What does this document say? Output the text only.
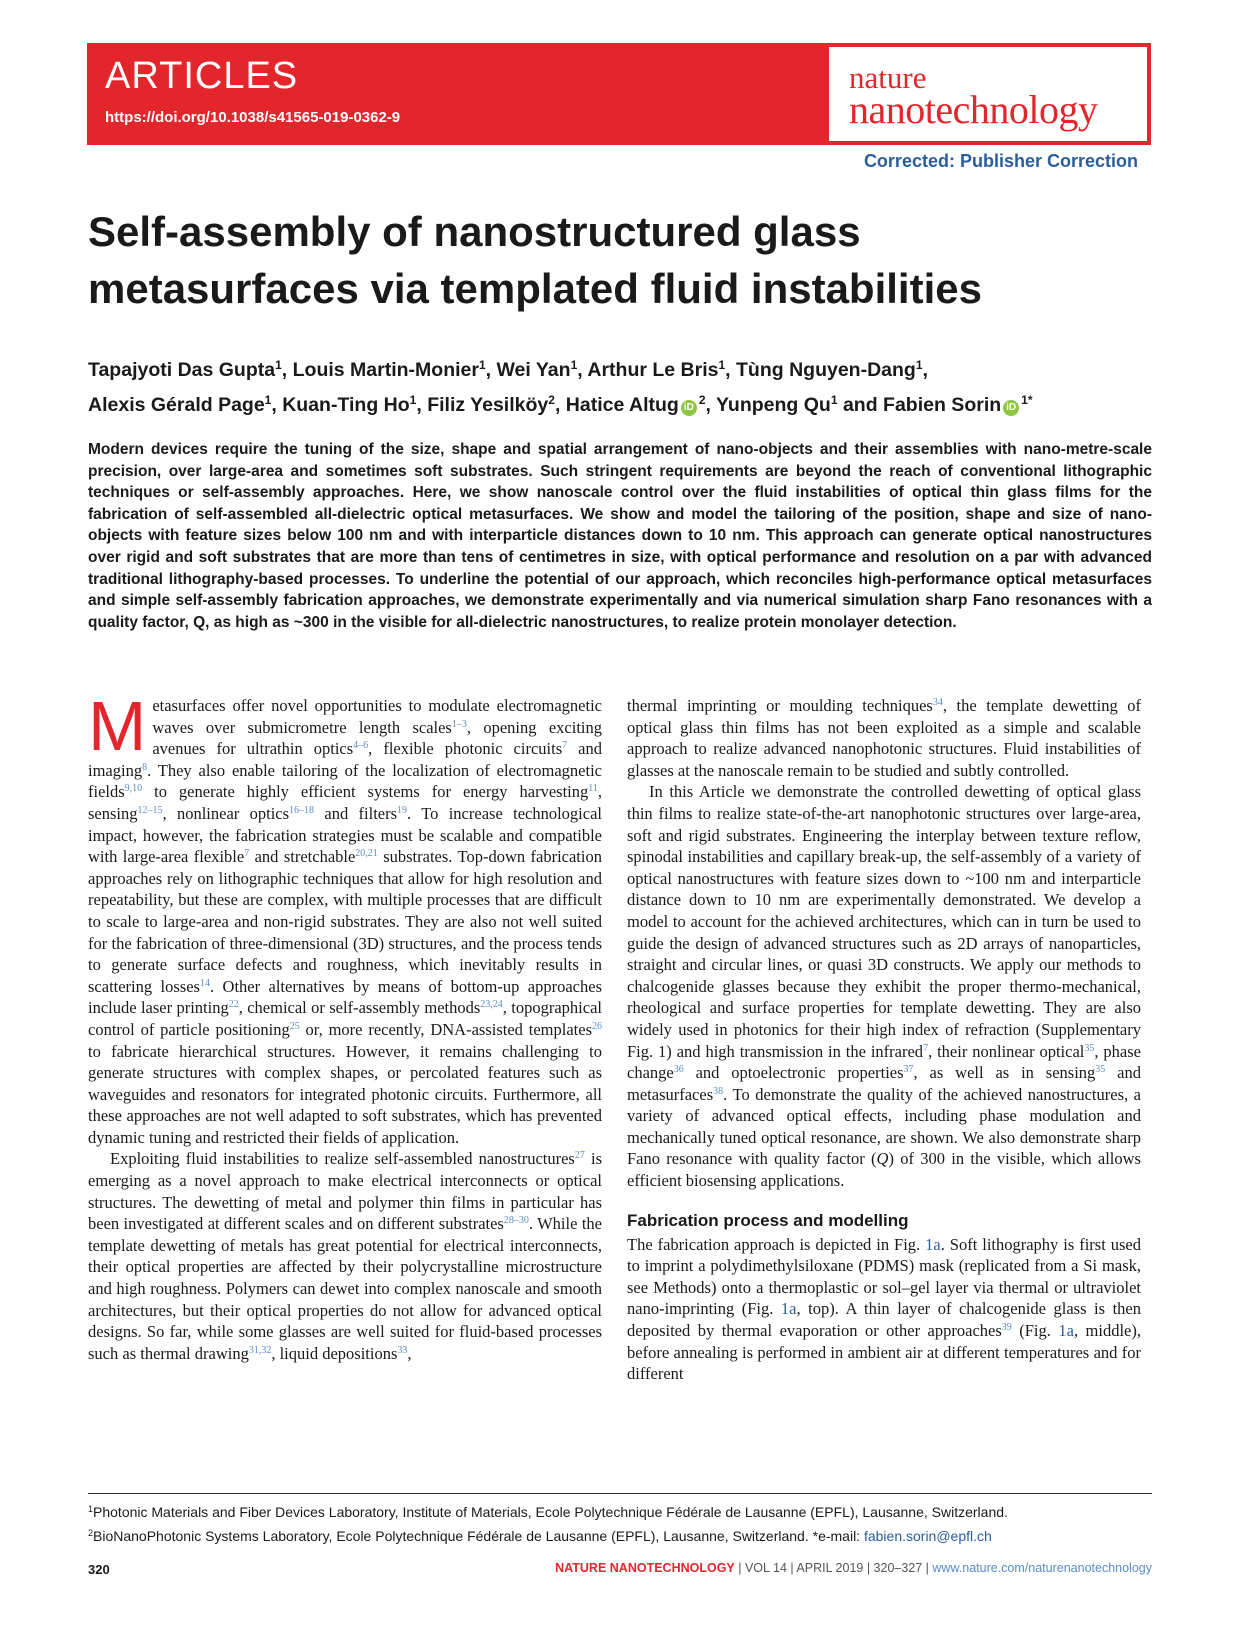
ARTICLES
https://doi.org/10.1038/s41565-019-0362-9
nature
nanotechnology
Corrected: Publisher Correction
Self-assembly of nanostructured glass
metasurfaces via templated fluid instabilities
Tapajyoti Das Gupta$^1$, Louis Martin-Monier$^1$, Wei Yan$^1$, Arthur Le Bris$^1$, Tùng Nguyen-Dang$^1$,
Alexis Gérald Page$^1$, Kuan-Ting Ho$^1$, Filiz Yesilköy$^2$, Hatice Altug $iD^2$, Yunpeng Qu$^1$ and Fabien Sorin $iD^{1*}$

Modern devices require the tuning of the size, shape and spatial arrangement of nano-objects and their assemblies with nano-metre-scale precision, over large-area and sometimes soft substrates. Such stringent requirements are beyond the reach of conventional lithographic techniques or self-assembly approaches. Here, we show nanoscale control over the fluid instabilities of optical thin glass films for the fabrication of self-assembled all-dielectric optical metasurfaces. We show and model the tailoring of the position, shape and size of nano-objects with feature sizes below 100 nm and with interparticle distances down to 10 nm. This approach can generate optical nanostructures over rigid and soft substrates that are more than tens of centimetres in size, with optical performance and resolution on a par with advanced traditional lithography-based processes. To underline the potential of our approach, which reconciles high-performance optical metasurfaces and simple self-assembly fabrication approaches, we demonstrate experimentally and via numerical simulation sharp Fano resonances with a quality factor, Q, as high as ~300 in the visible for all-dielectric nanostructures, to realize protein monolayer detection.

Metasurfaces offer novel opportunities to modulate electromagnetic waves over submicrometre length scales$^{1-3}$, opening exciting avenues for ultrathin optics$^{4-6}$, flexible photonic circuits$^7$ and imaging$^8$. They also enable tailoring of the localization of electromagnetic fields$^{9,10}$ to generate highly efficient systems for energy harvesting$^{11}$, sensing$^{12-15}$, nonlinear optics$^{16-18}$ and filters$^{19}$. To increase technological impact, however, the fabrication strategies must be scalable and compatible with large-area flexible$^7$ and stretchable$^{20,21}$ substrates. Top-down fabrication approaches rely on lithographic techniques that allow for high resolution and repeatability, but these are complex, with multiple processes that are difficult to scale to large-area and non-rigid substrates. They are also not well suited for the fabrication of three-dimensional (3D) structures, and the process tends to generate surface defects and roughness, which inevitably results in scattering losses$^{14}$. Other alternatives by means of bottom-up approaches include laser printing$^{22}$, chemical or self-assembly methods$^{23,24}$, topographical control of particle positioning$^{25}$ or, more recently, DNA-assisted templates$^{26}$ to fabricate hierarchical structures. However, it remains challenging to generate structures with complex shapes, or percolated features such as waveguides and resonators for integrated photonic circuits. Furthermore, all these approaches are not well adapted to soft substrates, which has prevented dynamic tuning and restricted their fields of application.

Exploiting fluid instabilities to realize self-assembled nanostructures$^{27}$ is emerging as a novel approach to make electrical interconnects or optical structures. The dewetting of metal and polymer thin films in particular has been investigated at different scales and on different substrates$^{28-30}$. While the template dewetting of metals has great potential for electrical interconnects, their optical properties are affected by their polycrystalline microstructure and high roughness. Polymers can dewet into complex nanoscale and smooth architectures, but their optical properties do not allow for advanced optical designs. So far, while some glasses are well suited for fluid-based processes such as thermal drawing$^{31,32}$, liquid depositions$^{33}$,

thermal imprinting or moulding techniques$^{34}$, the template dewetting of optical glass thin films has not been exploited as a simple and scalable approach to realize advanced nanophotonic structures. Fluid instabilities of glasses at the nanoscale remain to be studied and subtly controlled.

In this Article we demonstrate the controlled dewetting of optical glass thin films to realize state-of-the-art nanophotonic structures over large-area, soft and rigid substrates. Engineering the interplay between texture reflow, spinodal instabilities and capillary break-up, the self-assembly of a variety of optical nanostructures with feature sizes down to ~100 nm and interparticle distance down to 10 nm are experimentally demonstrated. We develop a model to account for the achieved architectures, which can in turn be used to guide the design of advanced structures such as 2D arrays of nanoparticles, straight and circular lines, or quasi 3D constructs. We apply our methods to chalcogenide glasses because they exhibit the proper thermo-mechanical, rheological and surface properties for template dewetting. They are also widely used in photonics for their high index of refraction (Supplementary Fig. 1) and high transmission in the infrared$^7$, their nonlinear optical$^{35}$, phase change$^{36}$ and optoelectronic properties$^{37}$, as well as in sensing$^{35}$ and metasurfaces$^{38}$. To demonstrate the quality of the achieved nanostructures, a variety of advanced optical effects, including phase modulation and mechanically tuned optical resonance, are shown. We also demonstrate sharp Fano resonance with quality factor (Q) of 300 in the visible, which allows efficient biosensing applications.

Fabrication process and modelling

The fabrication approach is depicted in Fig. 1a. Soft lithography is first used to imprint a polydimethylsiloxane (PDMS) mask (replicated from a Si mask, see Methods) onto a thermoplastic or sol–gel layer via thermal or ultraviolet nano-imprinting (Fig. 1a, top). A thin layer of chalcogenide glass is then deposited by thermal evaporation or other approaches$^{39}$ (Fig. 1a, middle), before annealing is performed in ambient air at different temperatures and for different

$^1$Photonic Materials and Fiber Devices Laboratory, Institute of Materials, Ecole Polytechnique Fédérale de Lausanne (EPFL), Lausanne, Switzerland.
$^2$BioNanoPhotonic Systems Laboratory, Ecole Polytechnique Fédérale de Lausanne (EPFL), Lausanne, Switzerland. *e-mail: fabien.sorin@epfl.ch
320	NATURE NANOTECHNOLOGY | VOL 14 | APRIL 2019 | 320–327 | www.nature.com/naturenanotechnology
